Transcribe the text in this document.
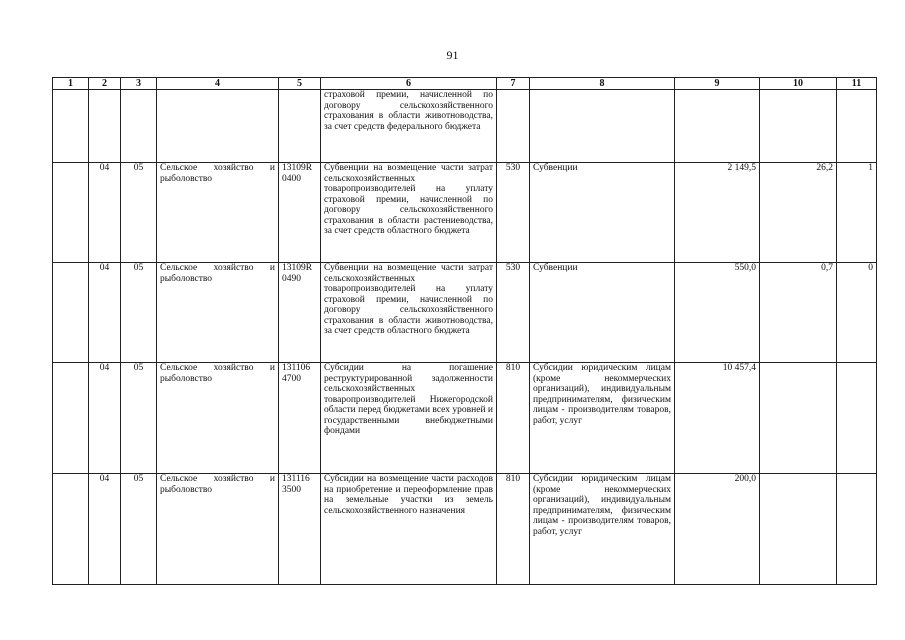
91
1	2	3	4	5	6	7	8	9	10	11
					страховой премии, начисленной по договору сельскохозяйственного страхования в области животноводства, за счет средств федерального бюджета					
	04	05	Сельское хозяйство и рыболовство	13109R 0400	Субвенции на возмещение части затрат сельскохозяйственных товаропроизводителей на уплату страховой премии, начисленной по договору сельскохозяйственного страхования в области растениеводства, за счет средств областного бюджета	530	Субвенции	2 149,5	26,2	1
	04	05	Сельское хозяйство и рыболовство	13109R 0490	Субвенции на возмещение части затрат сельскохозяйственных товаропроизводителей на уплату страховой премии, начисленной по договору сельскохозяйственного страхования в области животноводства, за счет средств областного бюджета	530	Субвенции	550,0	0,7	0
	04	05	Сельское хозяйство и рыболовство	131106 4700	Субсидии на погашение реструктурированной задолженности сельскохозяйственных товаропроизводителей Нижегородской области перед бюджетами всех уровней и государственными внебюджетными фондами	810	Субсидии юридическим лицам (кроме некоммерческих организаций), индивидуальным предпринимателям, физическим лицам - производителям товаров, работ, услуг	10 457,4		
	04	05	Сельское хозяйство и рыболовство	131116 3500	Субсидии на возмещение части расходов на приобретение и переоформление прав на земельные участки из земель сельскохозяйственного назначения	810	Субсидии юридическим лицам (кроме некоммерческих организаций), индивидуальным предпринимателям, физическим лицам - производителям товаров, работ, услуг	200,0		
